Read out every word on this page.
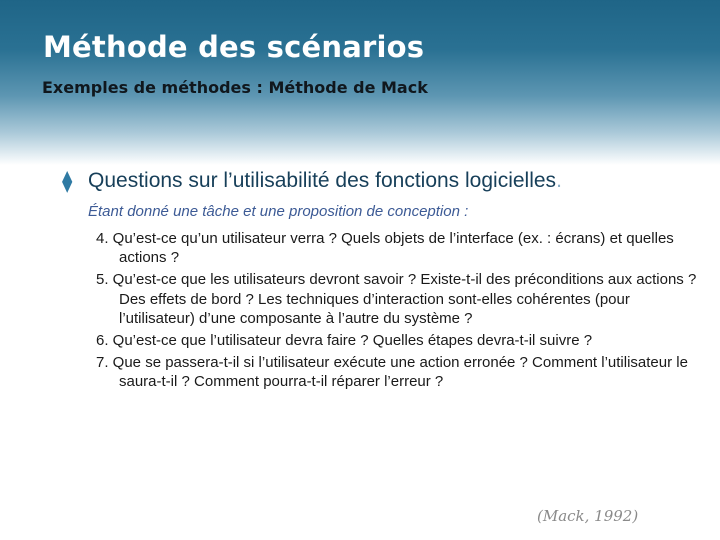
Méthode des scénarios
Exemples de méthodes : Méthode de Mack
⧫ Questions sur l’utilisabilité des fonctions logicielles.
Étant donné une tâche et une proposition de conception :
4. Qu’est-ce qu’un utilisateur verra ? Quels objets de l’interface (ex. : écrans) et quelles actions ?
5. Qu’est-ce que les utilisateurs devront savoir ? Existe-t-il des préconditions aux actions ? Des effets de bord ? Les techniques d’interaction sont-elles cohérentes (pour l’utilisateur) d’une composante à l’autre du système ?
6. Qu’est-ce que l’utilisateur devra faire ? Quelles étapes devra-t-il suivre ?
7. Que se passera-t-il si l’utilisateur exécute une action erronée ? Comment l’utilisateur le saura-t-il ? Comment pourra-t-il réparer l’erreur ?
(Mack, 1992)
